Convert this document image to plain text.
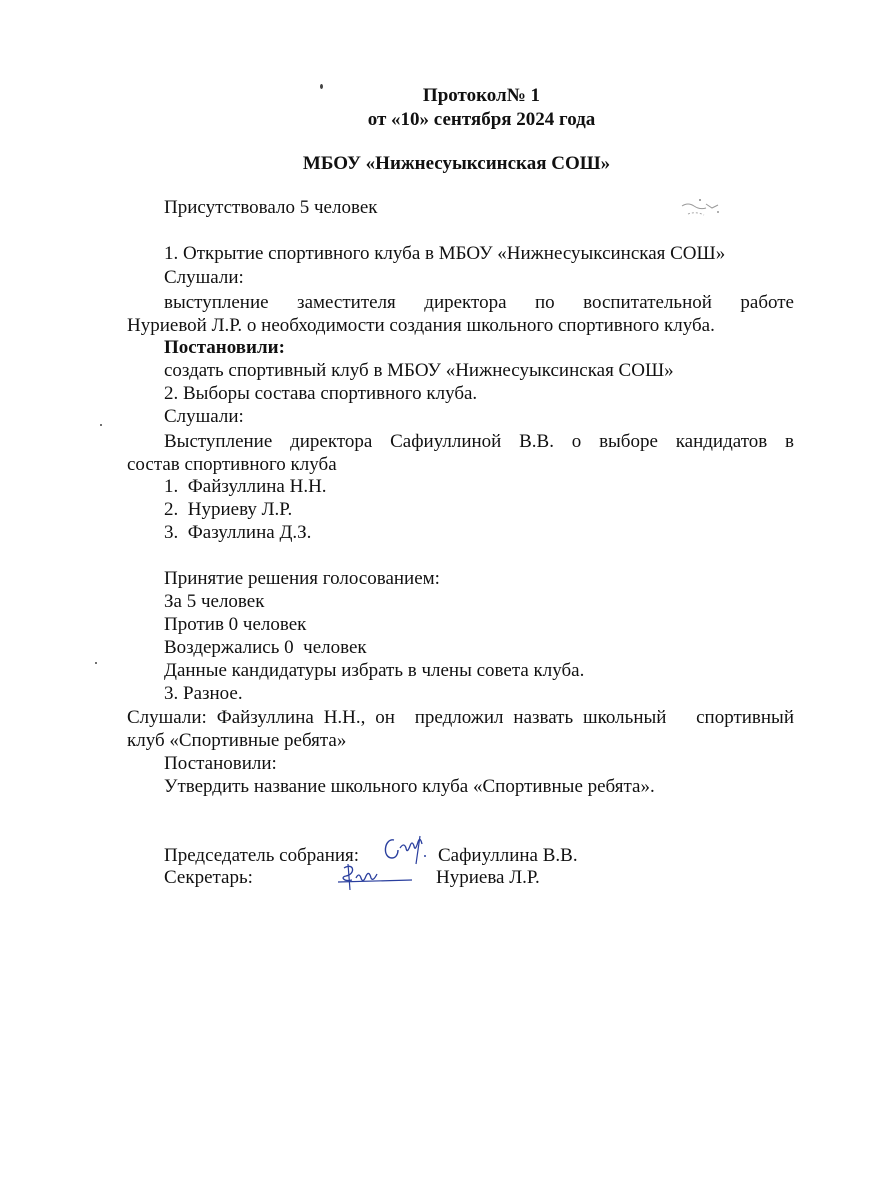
Протокол№ 1
от «10» сентября 2024 года
МБОУ «Нижнесуыксинская СОШ»
Присутствовало 5 человек
1. Открытие спортивного клуба в МБОУ «Нижнесуыксинская СОШ»
Слушали:
выступление заместителя директора по воспитательной работе
Нуриевой Л.Р. о необходимости создания школьного спортивного клуба.
Постановили:
создать спортивный клуб в МБОУ «Нижнесуыксинская СОШ»
2. Выборы состава спортивного клуба.
Слушали:
Выступление директора Сафиуллиной В.В. о выборе кандидатов в
состав спортивного клуба
1. Файзуллина Н.Н.
2. Нуриеву Л.Р.
3. Фазуллина Д.З.
Принятие решения голосованием:
За 5 человек
Против 0 человек
Воздержались 0  человек
Данные кандидатуры избрать в члены совета клуба.
3. Разное.
Слушали: Файзуллина Н.Н., он  предложил назвать школьный   спортивный
клуб «Спортивные ребята»
Постановили:
Утвердить название школьного клуба «Спортивные ребята».
Председатель собрания:	Сафиуллина В.В.
Секретарь:	Нуриева Л.Р.
